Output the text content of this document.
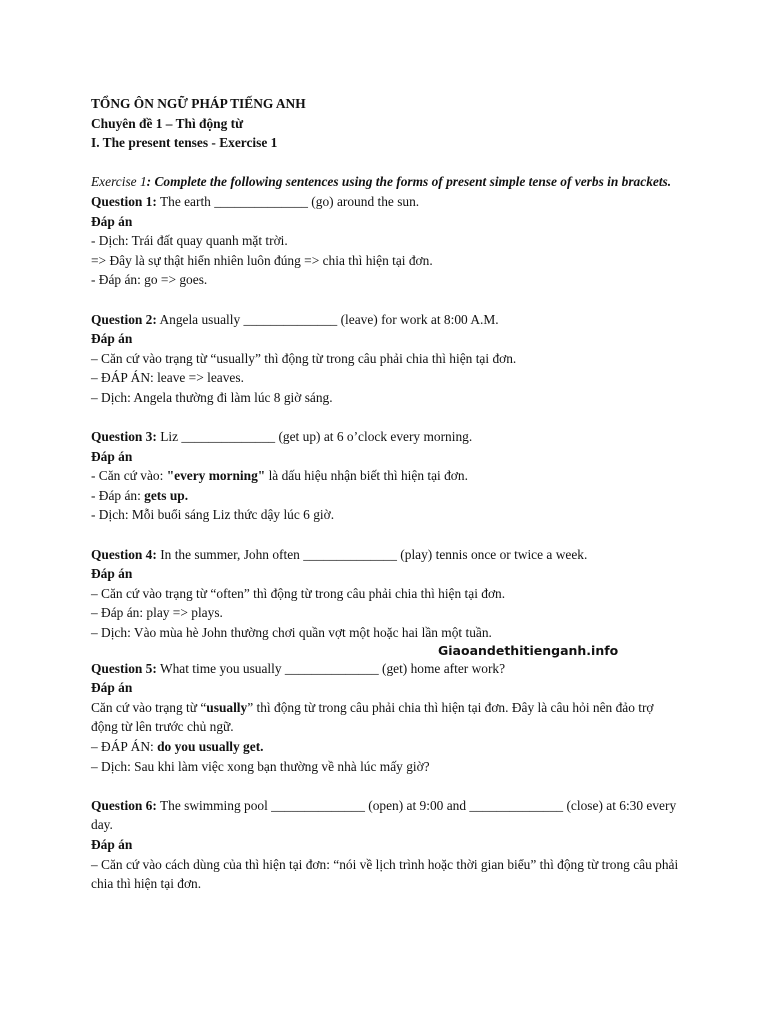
TỔNG ÔN NGỮ PHÁP TIẾNG ANH
Chuyên đề 1 – Thì động từ
I. The present tenses - Exercise 1
Exercise 1: Complete the following sentences using the forms of present simple tense of verbs in brackets.
Question 1: The earth ______________ (go) around the sun.
Đáp án
- Dịch: Trái đất quay quanh mặt trời.
=> Đây là sự thật hiển nhiên luôn đúng => chia thì hiện tại đơn.
- Đáp án: go => goes.
Question 2: Angela usually ______________ (leave) for work at 8:00 A.M.
Đáp án
– Căn cứ vào trạng từ “usually” thì động từ trong câu phải chia thì hiện tại đơn.
– ĐÁP ÁN: leave => leaves.
– Dịch: Angela thường đi làm lúc 8 giờ sáng.
Question 3: Liz ______________ (get up) at 6 o’clock every morning.
Đáp án
- Căn cứ vào: "every morning" là dấu hiệu nhận biết thì hiện tại đơn.
- Đáp án: gets up.
- Dịch: Mỗi buổi sáng Liz thức dậy lúc 6 giờ.
Question 4: In the summer, John often ______________ (play) tennis once or twice a week.
Đáp án
– Căn cứ vào trạng từ “often” thì động từ trong câu phải chia thì hiện tại đơn.
– Đáp án: play => plays.
– Dịch: Vào mùa hè John thường chơi quần vợt một hoặc hai lần một tuần.
Giaoandethitienganh.info
Question 5: What time you usually ______________ (get) home after work?
Đáp án
Căn cứ vào trạng từ “usually” thì động từ trong câu phải chia thì hiện tại đơn. Đây là câu hỏi nên đảo trợ động từ lên trước chủ ngữ.
– ĐÁP ÁN: do you usually get.
– Dịch: Sau khi làm việc xong bạn thường về nhà lúc mấy giờ?
Question 6: The swimming pool ______________ (open) at 9:00 and ______________ (close) at 6:30 every day.
Đáp án
– Căn cứ vào cách dùng của thì hiện tại đơn: “nói về lịch trình hoặc thời gian biểu” thì động từ trong câu phải chia thì hiện tại đơn.
